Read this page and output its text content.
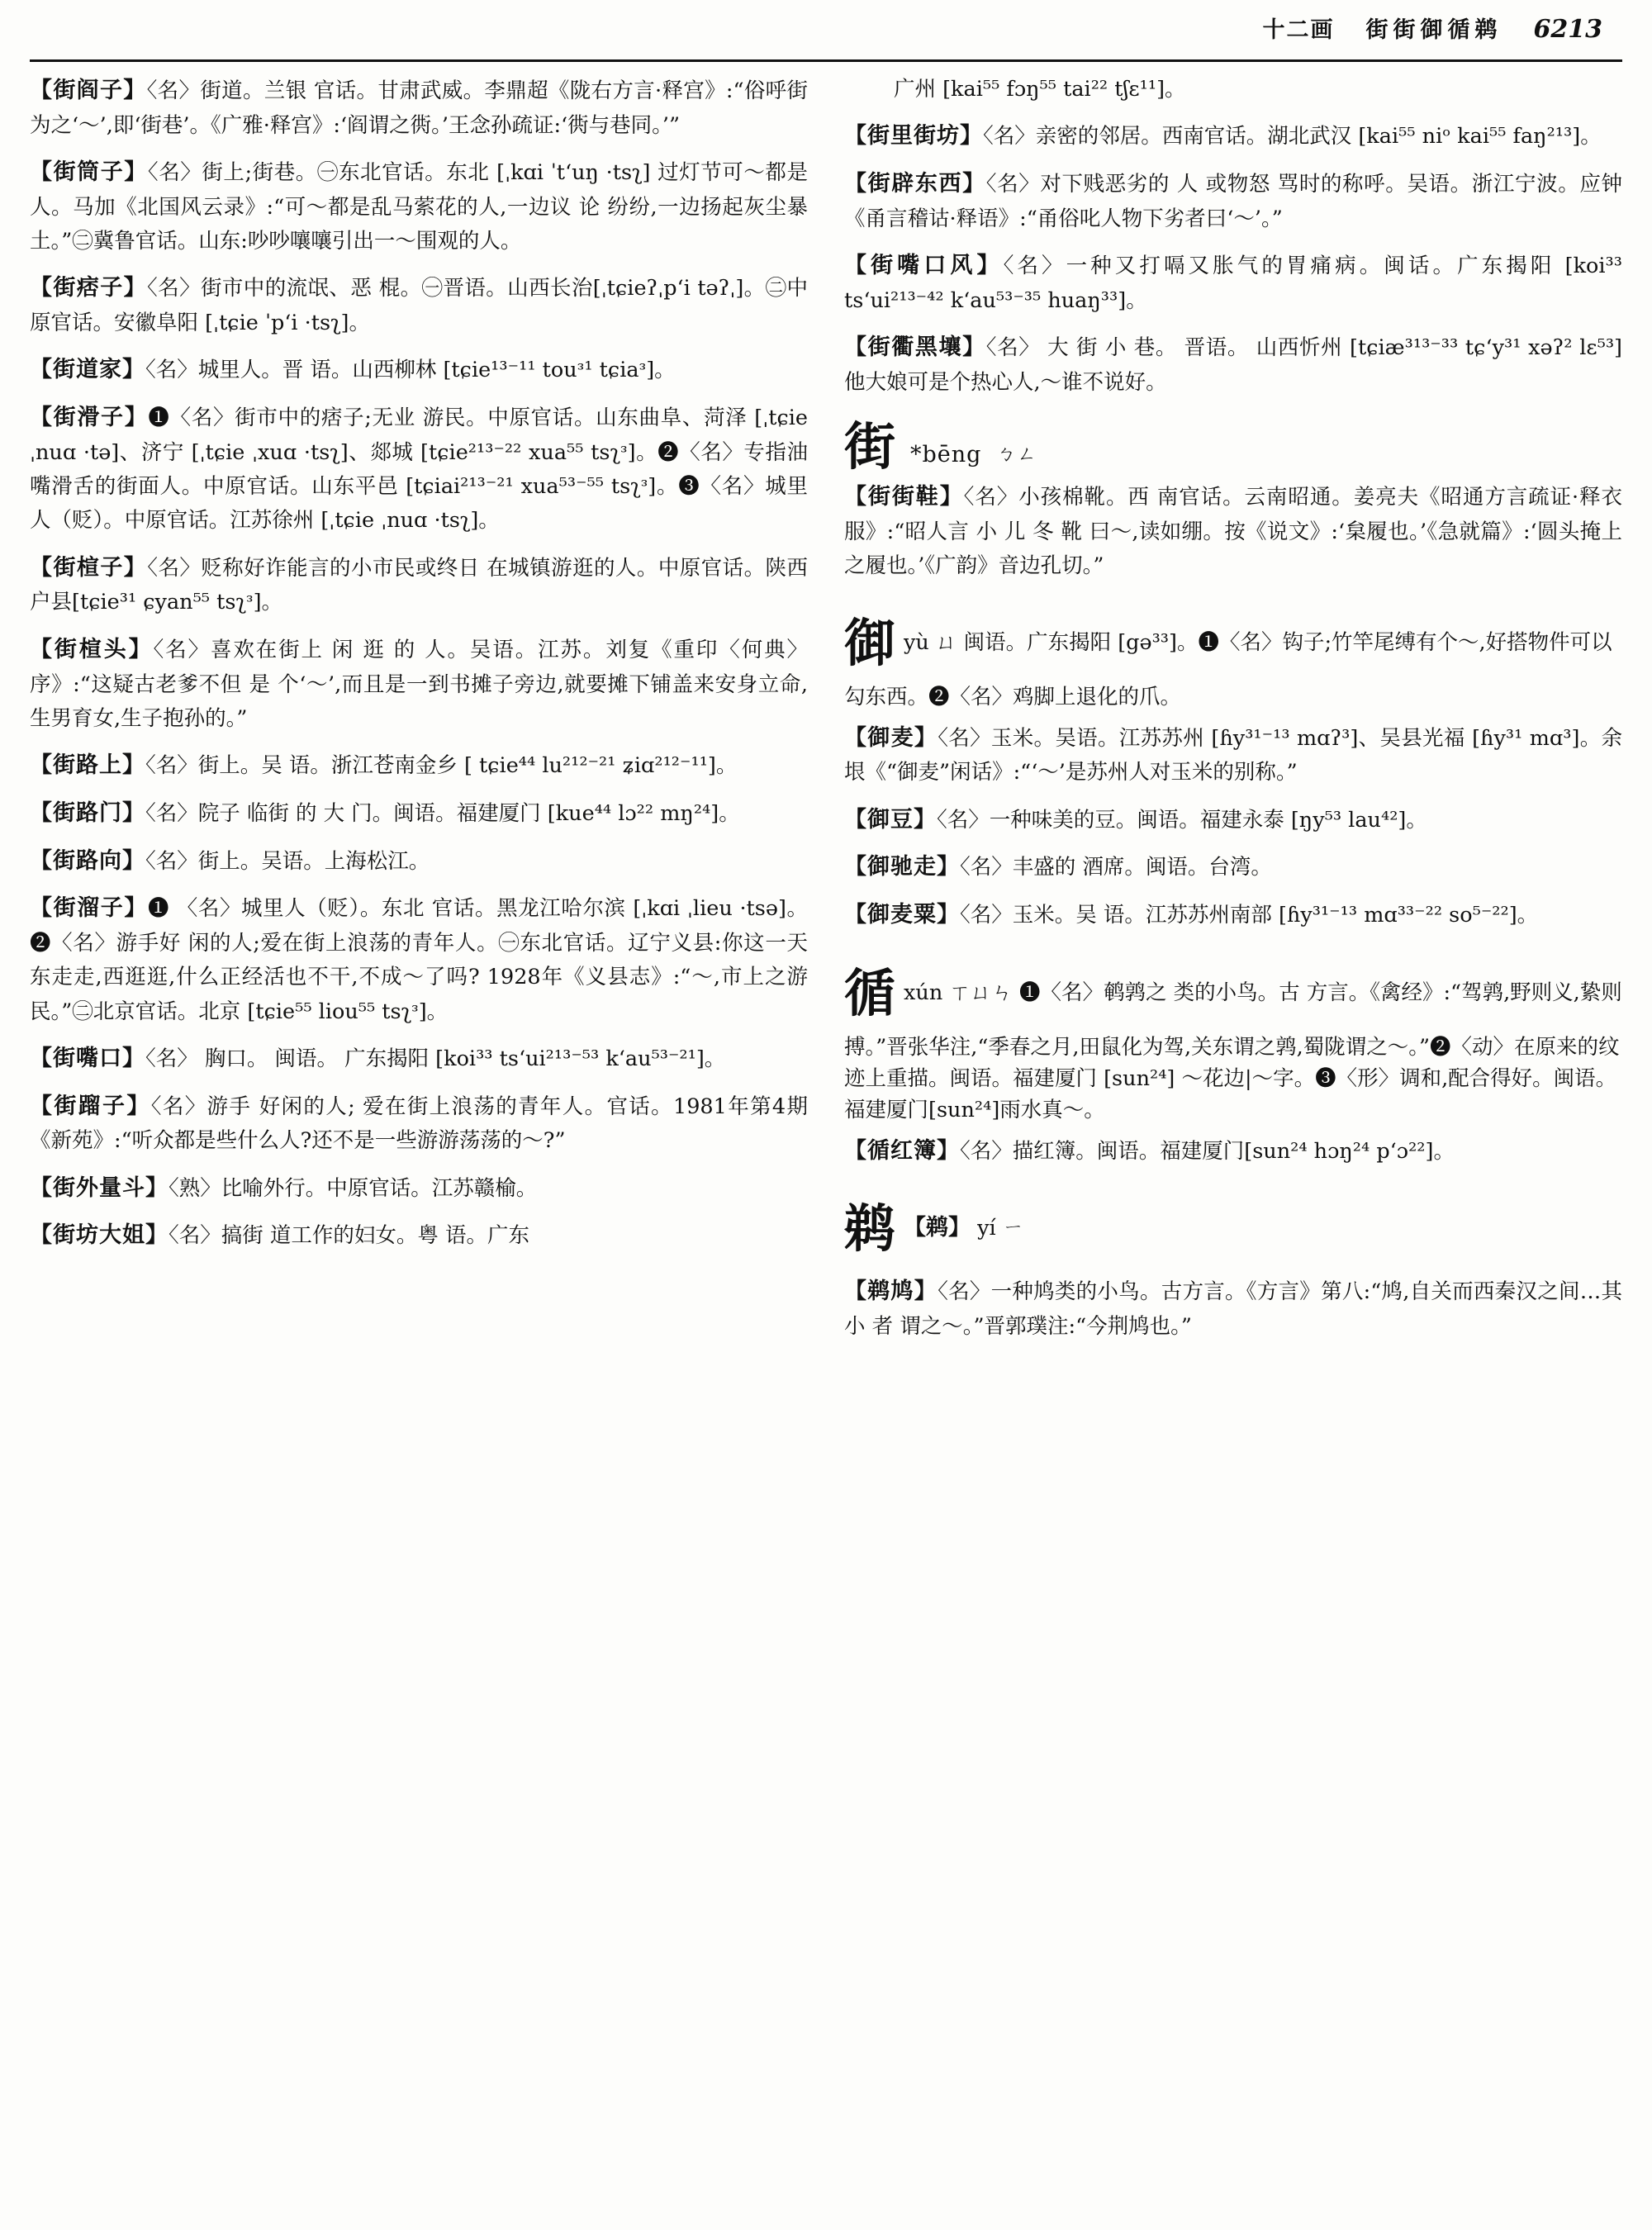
十二画 街街御循鹈 6213
【街阎子】〈名〉街道。兰银 官话。甘肃武威。李鼎超《陇右方言·释宫》:“俗呼街为之‘～’,即‘街巷’。《广雅·释宫》:‘阎谓之衖。’王念孙疏证:‘衖与巷同。’”
【街筒子】〈名〉街上;街巷。㊀东北官话。东北 [ˌkɑi ˈtʻuŋ ·tsʅ] 过灯节可～都是人。马加《北国风云录》:“可～都是乱马萦花的人,一边议 论 纷纷,一边扬起灰尘暴土。”㊁冀鲁官话。山东:吵吵嚷嚷引出一～围观的人。
【街痞子】〈名〉街市中的流氓、恶 棍。㊀晋语。山西长治[ˌtɕieʔˌpʻi təʔˌ]。㊁中原官话。安徽阜阳 [ˌtɕie ˈpʻi ·tsʅ]。
【街道家】〈名〉城里人。晋 语。山西柳林 [tɕie¹³⁻¹¹ touᵌ¹ tɕiaᵌ]。
【街滑子】❶〈名〉街市中的痞子;无业 游民。中原官话。山东曲阜、菏泽 [ˌtɕie ˌnuɑ ·tə]、济宁 [ˌtɕie ˌxuɑ ·tsʅ]、郯城 [tɕie²¹³⁻²² xua⁵⁵ tsʅᵌ]。❷〈名〉专指油嘴滑舌的街面人。中原官话。山东平邑 [tɕiai²¹³⁻²¹ xua⁵³⁻⁵⁵ tsʅᵌ]。❸〈名〉城里人（贬）。中原官话。江苏徐州 [ˌtɕie ˌnuɑ ·tsʅ]。
【街楦子】〈名〉贬称好诈能言的小市民或终日 在城镇游逛的人。中原官话。陕西户县[tɕie³¹ ɕyan⁵⁵ tsʅᵌ]。
【街楦头】〈名〉喜欢在街上 闲 逛 的 人。吴语。江苏。刘复《重印〈何典〉序》:“这疑古老爹不但 是 个‘～’,而且是一到书摊子旁边,就要摊下铺盖来安身立命,生男育女,生子抱孙的。”
【街路上】〈名〉街上。吴 语。浙江苍南金乡 [ tɕie⁴⁴ lu²¹²⁻²¹ ʑiɑ²¹²⁻¹¹]。
【街路门】〈名〉院子 临街 的 大 门。闽语。福建厦门 [kue⁴⁴ lɔ²² mŋ²⁴]。
【街路向】〈名〉街上。吴语。上海松江。
【街溜子】❶ 〈名〉城里人（贬）。东北 官话。黑龙江哈尔滨 [ˌkɑi ˌlieu ·tsə]。❷〈名〉游手好 闲的人;爱在街上浪荡的青年人。㊀东北官话。辽宁义县:你这一天东走走,西逛逛,什么正经活也不干,不成～了吗? 1928年《义县志》:“～,市上之游民。”㊁北京官话。北京 [tɕie⁵⁵ liou⁵⁵ tsʅᵌ]。
【街嘴口】〈名〉 胸口。 闽语。 广东揭阳 [koi³³ tsʻui²¹³⁻⁵³ kʻau⁵³⁻²¹]。
【街蹓子】〈名〉游手 好闲的人; 爱在街上浪荡的青年人。官话。1981年第4期《新苑》:“听众都是些什么人?还不是一些游游荡荡的～?”
【街外量斗】〈熟〉比喻外行。中原官话。江苏赣榆。
【街坊大姐】〈名〉搞街 道工作的妇女。粤 语。广东
广州 [kai⁵⁵ fɔŋ⁵⁵ tai²² tʃɛ¹¹]。
【街里街坊】〈名〉亲密的邻居。西南官话。湖北武汉 [kai⁵⁵ niᵒ kai⁵⁵ faŋ²¹³]。
【街辟东西】〈名〉对下贱恶劣的 人 或物怒 骂时的称呼。吴语。浙江宁波。应钟《甬言稽诂·释语》:“甬俗叱人物下劣者曰‘～’。”
【街嘴口风】〈名〉一种又打嗝又胀气的胃痛病。闽话。广东揭阳 [koi³³ tsʻui²¹³⁻⁴² kʻau⁵³⁻³⁵ huaŋ³³]。
【街衢黑壤】〈名〉 大 街 小 巷。 晋语。 山西忻州 [tɕiæ³¹³⁻³³ tɕʻy³¹ xəʔ² lɛ⁵³]他大娘可是个热心人,～谁不说好。
街 *bēng ㄅㄥ
【街街鞋】〈名〉小孩棉靴。西 南官话。云南昭通。姜亮夫《昭通方言疏证·释衣服》:“昭人言 小 儿 冬 靴 曰～,读如绷。按《说文》:‘枲履也。’《急就篇》:‘圆头掩上之履也。’《广韵》音边孔切。”
御yù ㄩ 闽语。广东揭阳 [gə³³]。❶〈名〉钩子;竹竿尾缚有个～,好搭物件可以勾东西。❷〈名〉鸡脚上退化的爪。
【御麦】〈名〉玉米。吴语。江苏苏州 [ɦy³¹⁻¹³ mɑʔ³]、吴县光福 [ɦy³¹ mɑ³]。余垠《“御麦”闲话》:“‘～’是苏州人对玉米的别称。”
【御豆】〈名〉一种味美的豆。闽语。福建永泰 [ŋy⁵³ lau⁴²]。
【御驰走】〈名〉丰盛的 酒席。闽语。台湾。
【御麦粟】〈名〉玉米。吴 语。江苏苏州南部 [ɦy³¹⁻¹³ mɑ³³⁻²² so⁵⁻²²]。
循xún ㄒㄩㄣ ❶〈名〉鹌鹑之 类的小鸟。古 方言。《禽经》:“驾鹑,野则义,絷则搏。”晋张华注,“季春之月,田鼠化为驾,关东谓之鹑,蜀陇谓之～。”❷〈动〉在原来的纹迹上重描。闽语。福建厦门 [sun²⁴] ～花边|～字。❸〈形〉调和,配合得好。闽语。福建厦门[sun²⁴]雨水真～。
【循红簿】〈名〉描红簿。闽语。福建厦门[sun²⁴ hɔŋ²⁴ pʻɔ²²]。
鹈 【鹈】 yí ㄧ
【鹈鸠】〈名〉一种鸠类的小鸟。古方言。《方言》第八:“鸠,自关而西秦汉之间…其 小 者 谓之～。”晋郭璞注:“今荆鸠也。”
